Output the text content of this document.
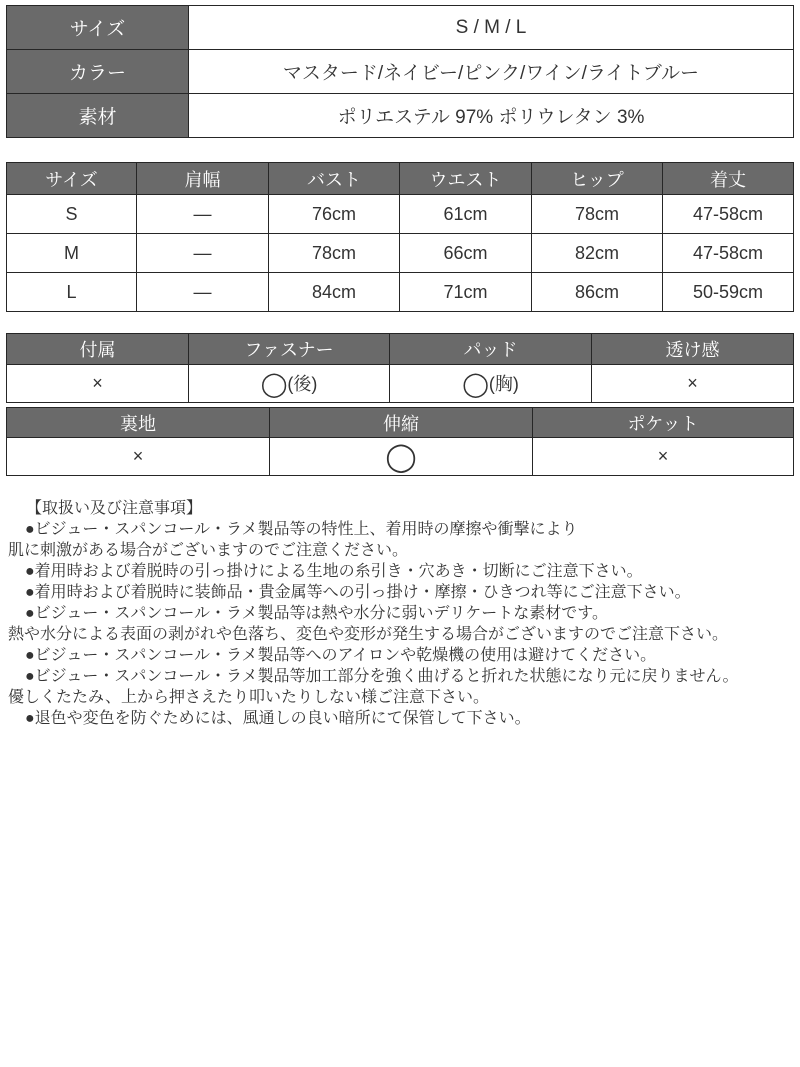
サイズ	S / M / L
カラー	マスタード/ネイビー/ピンク/ワイン/ライトブルー
素材	ポリエステル 97% ポリウレタン 3%
サイズ	肩幅	バスト	ウエスト	ヒップ	着丈
S	―	76cm	61cm	78cm	47-58cm
M	―	78cm	66cm	82cm	47-58cm
L	―	84cm	71cm	86cm	50-59cm
付属	ファスナー	パッド	透け感
×	◯(後)	◯(胸)	×
裏地	伸縮	ポケット
×	◯	×
【取扱い及び注意事項】
●ビジュー・スパンコール・ラメ製品等の特性上、着用時の摩擦や衝撃により
肌に刺激がある場合がございますのでご注意ください。
●着用時および着脱時の引っ掛けによる生地の糸引き・穴あき・切断にご注意下さい。
●着用時および着脱時に装飾品・貴金属等への引っ掛け・摩擦・ひきつれ等にご注意下さい。
●ビジュー・スパンコール・ラメ製品等は熱や水分に弱いデリケートな素材です。
熱や水分による表面の剥がれや色落ち、変色や変形が発生する場合がございますのでご注意下さい。
●ビジュー・スパンコール・ラメ製品等へのアイロンや乾燥機の使用は避けてください。
●ビジュー・スパンコール・ラメ製品等加工部分を強く曲げると折れた状態になり元に戻りません。
優しくたたみ、上から押さえたり叩いたりしない様ご注意下さい。
●退色や変色を防ぐためには、風通しの良い暗所にて保管して下さい。
